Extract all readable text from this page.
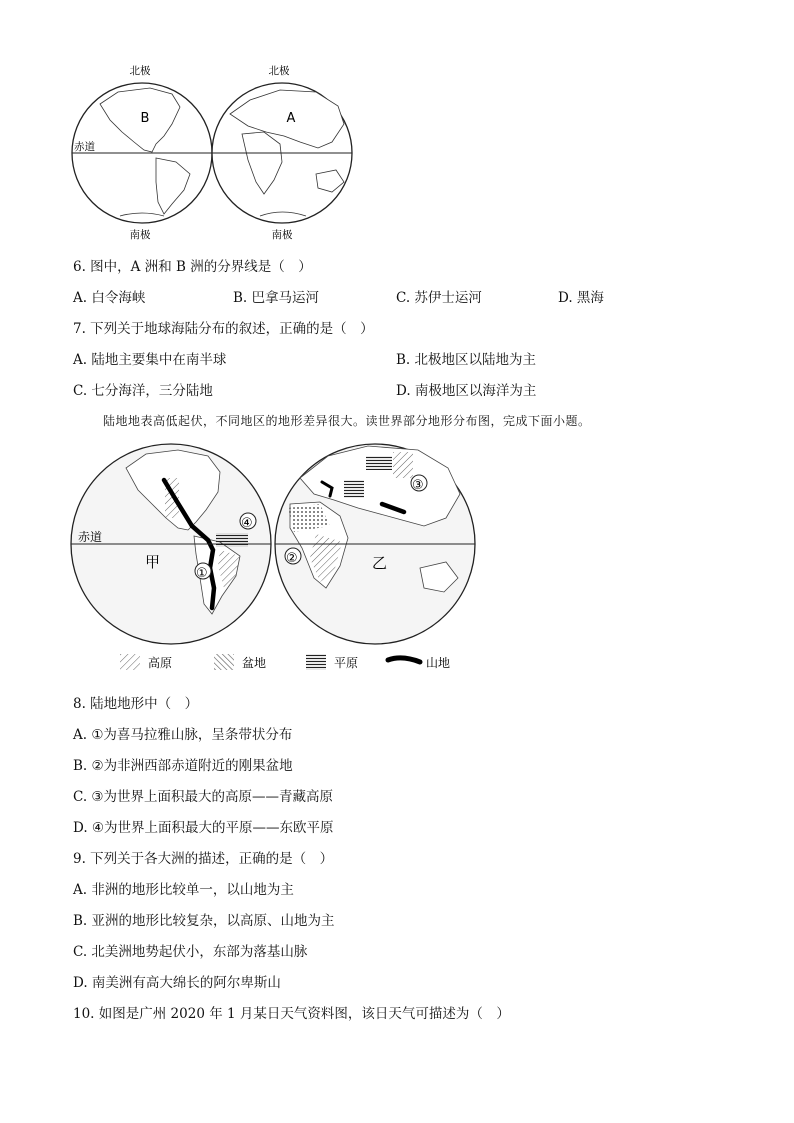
北极
南极
B
北极
南极
A
赤道
6. 图中，A 洲和 B 洲的分界线是（　）
A. 白令海峡	B. 巴拿马运河	C. 苏伊士运河	D. 黑海
7. 下列关于地球海陆分布的叙述，正确的是（　）
A. 陆地主要集中在南半球	B. 北极地区以陆地为主
C. 七分海洋，三分陆地	D. 南极地区以海洋为主
陆地地表高低起伏，不同地区的地形差异很大。读世界部分地形分布图，完成下面小题。
赤道
甲
①
④
乙
②
③
高原	盆地	平原	山地
8. 陆地地形中（　）
A. ①为喜马拉雅山脉，呈条带状分布
B. ②为非洲西部赤道附近的刚果盆地
C. ③为世界上面积最大的高原——青藏高原
D. ④为世界上面积最大的平原——东欧平原
9. 下列关于各大洲的描述，正确的是（　）
A. 非洲的地形比较单一，以山地为主
B. 亚洲的地形比较复杂，以高原、山地为主
C. 北美洲地势起伏小，东部为落基山脉
D. 南美洲有高大绵长的阿尔卑斯山
10. 如图是广州 2020 年 1 月某日天气资料图，该日天气可描述为（　）
